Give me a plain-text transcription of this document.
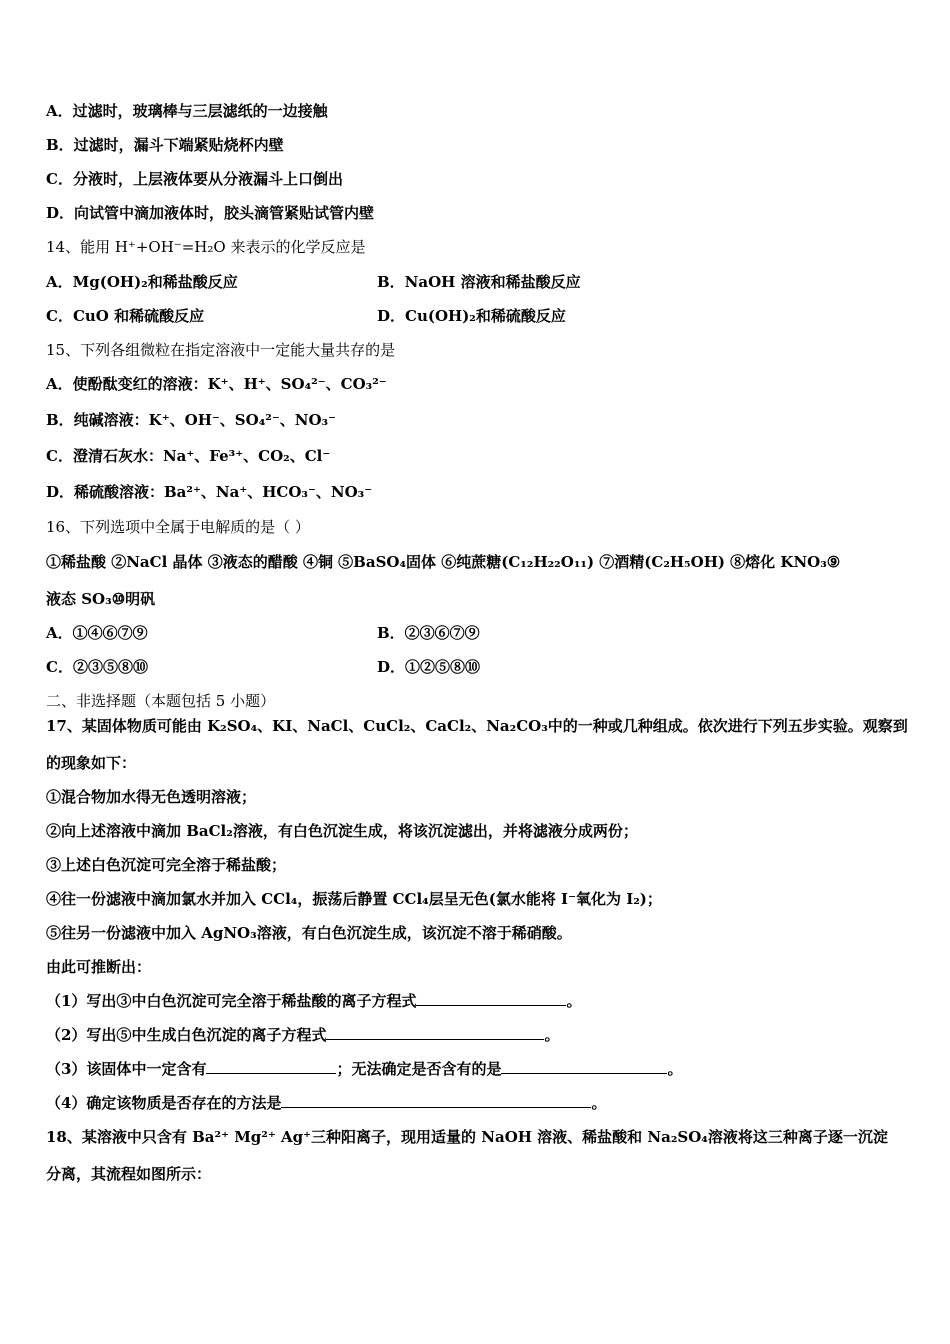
A．过滤时，玻璃棒与三层滤纸的一边接触
B．过滤时，漏斗下端紧贴烧杯内壁
C．分液时，上层液体要从分液漏斗上口倒出
D．向试管中滴加液体时，胶头滴管紧贴试管内壁
14、能用 H⁺+OH⁻=H₂O 来表示的化学反应是
A．Mg(OH)₂和稀盐酸反应	B．NaOH 溶液和稀盐酸反应
C．CuO 和稀硫酸反应	D．Cu(OH)₂和稀硫酸反应
15、下列各组微粒在指定溶液中一定能大量共存的是
A．使酚酞变红的溶液：K⁺、H⁺、SO₄²⁻、CO₃²⁻
B．纯碱溶液：K⁺、OH⁻、SO₄²⁻、NO₃⁻
C．澄清石灰水：Na⁺、Fe³⁺、CO₂、Cl⁻
D．稀硫酸溶液：Ba²⁺、Na⁺、HCO₃⁻、NO₃⁻
16、下列选项中全属于电解质的是（ ）
①稀盐酸 ②NaCl 晶体 ③液态的醋酸 ④铜 ⑤BaSO₄固体 ⑥纯蔗糖(C₁₂H₂₂O₁₁) ⑦酒精(C₂H₅OH) ⑧熔化 KNO₃⑨
液态 SO₃⑩明矾
A．①④⑥⑦⑨	B．②③⑥⑦⑨
C．②③⑤⑧⑩	D．①②⑤⑧⑩
二、非选择题（本题包括 5 小题）
17、某固体物质可能由 K₂SO₄、KI、NaCl、CuCl₂、CaCl₂、Na₂CO₃中的一种或几种组成。依次进行下列五步实验。观察到
的现象如下：
①混合物加水得无色透明溶液；
②向上述溶液中滴加 BaCl₂溶液，有白色沉淀生成，将该沉淀滤出，并将滤液分成两份；
③上述白色沉淀可完全溶于稀盐酸；
④往一份滤液中滴加氯水并加入 CCl₄，振荡后静置 CCl₄层呈无色(氯水能将 I⁻氧化为 I₂)；
⑤往另一份滤液中加入 AgNO₃溶液，有白色沉淀生成，该沉淀不溶于稀硝酸。
由此可推断出：
（1）写出③中白色沉淀可完全溶于稀盐酸的离子方程式	。
（2）写出⑤中生成白色沉淀的离子方程式	。
（3）该固体中一定含有	；无法确定是否含有的是	。
（4）确定该物质是否存在的方法是	。
18、某溶液中只含有 Ba²⁺ Mg²⁺ Ag⁺三种阳离子，现用适量的 NaOH 溶液、稀盐酸和 Na₂SO₄溶液将这三种离子逐一沉淀
分离，其流程如图所示：
